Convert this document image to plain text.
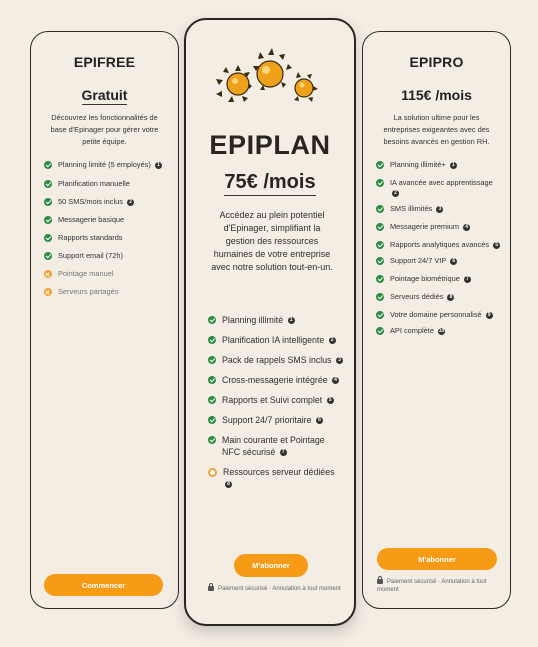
EPIFREE
Gratuit
Découvrez les fonctionnalités de base d'Epinager pour gérer votre petite équipe.
Planning limité (5 employés) 1
Planification manuelle
50 SMS/mois inclus 2
Messagerie basique
Rapports standards
Support email (72h)
Pointage manuel
Serveurs partagés
Commencer
EPIPLAN
75€ /mois
Accédez au plein potentiel d'Epinager, simplifiant la gestion des ressources humaines de votre entreprise avec notre solution tout-en-un.
Planning illimité 1
Planification IA intelligente 2
Pack de rappels SMS inclus 3
Cross-messagerie intégrée 4
Rapports et Suivi complet 5
Support 24/7 prioritaire 6
Main courante et Pointage NFC sécurisé 7
Ressources serveur dédiées 8
M'abonner
Paiement sécurisé · Annulation à tout moment
EPIPRO
115€ /mois
La solution ultime pour les entreprises exigeantes avec des besoins avancés en gestion RH.
Planning illimité+ 1
IA avancée avec apprentissage 2
SMS illimités 3
Messagerie premium 4
Rapports analytiques avancés 5
Support 24/7 VIP 6
Pointage biométrique 7
Serveurs dédiés 8
Votre domaine personnalisé 9
API complète 10
M'abonner
Paiement sécurisé · Annulation à tout moment
